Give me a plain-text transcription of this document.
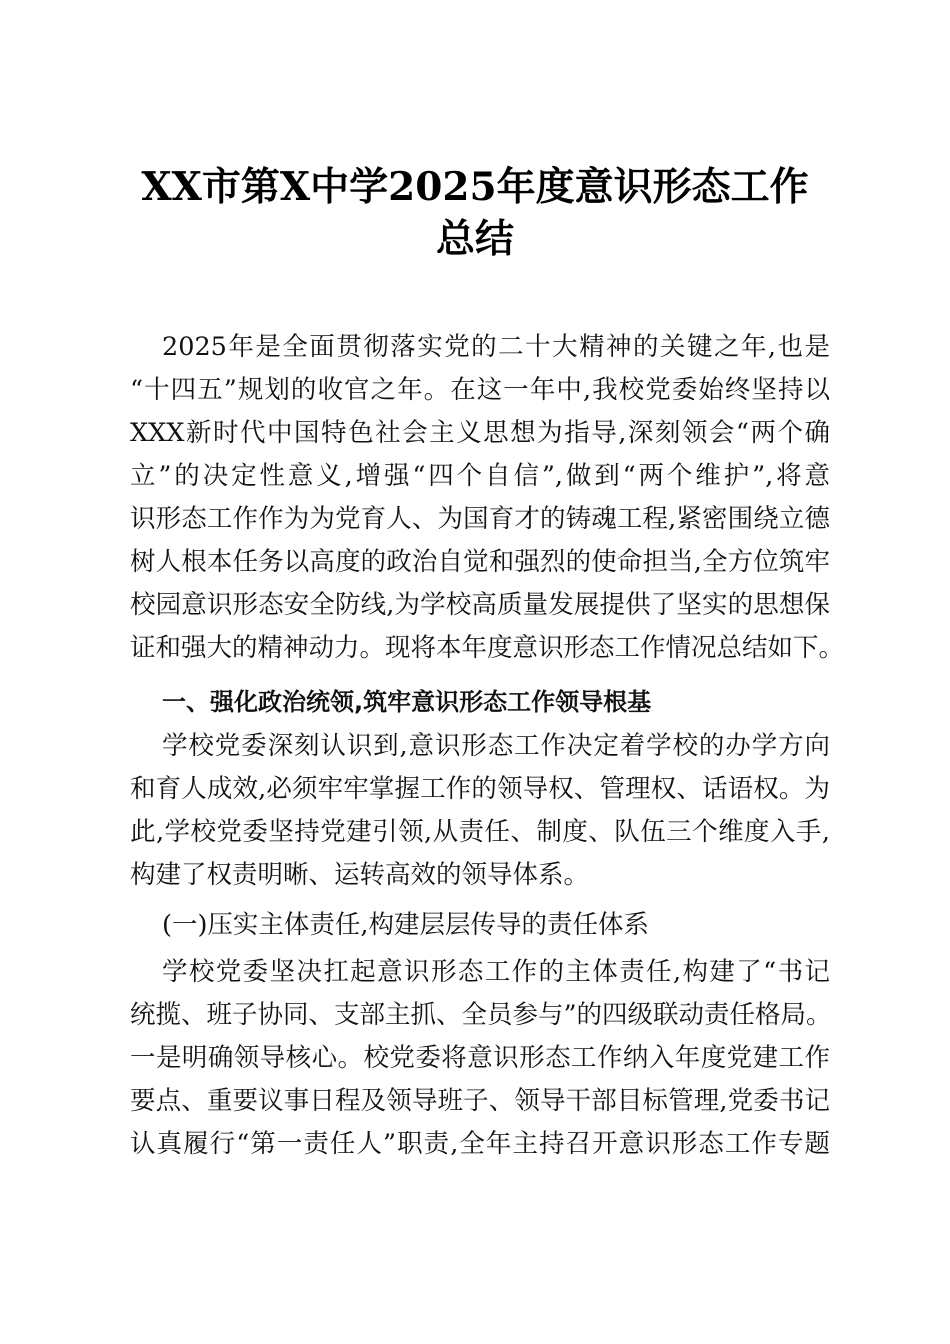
XX市第X中学2025年度意识形态工作
总结
2025年是全面贯彻落实党的二十大精神的关键之年,也是
“十四五”规划的收官之年。在这一年中,我校党委始终坚持以
XXX新时代中国特色社会主义思想为指导,深刻领会“两个确
立”的决定性意义,增强“四个自信”,做到“两个维护”,将意
识形态工作作为为党育人、为国育才的铸魂工程,紧密围绕立德
树人根本任务以高度的政治自觉和强烈的使命担当,全方位筑牢
校园意识形态安全防线,为学校高质量发展提供了坚实的思想保
证和强大的精神动力。现将本年度意识形态工作情况总结如下。
一、强化政治统领,筑牢意识形态工作领导根基
学校党委深刻认识到,意识形态工作决定着学校的办学方向
和育人成效,必须牢牢掌握工作的领导权、管理权、话语权。为
此,学校党委坚持党建引领,从责任、制度、队伍三个维度入手,
构建了权责明晰、运转高效的领导体系。
(一)压实主体责任,构建层层传导的责任体系
学校党委坚决扛起意识形态工作的主体责任,构建了“书记
统揽、班子协同、支部主抓、全员参与”的四级联动责任格局。
一是明确领导核心。校党委将意识形态工作纳入年度党建工作
要点、重要议事日程及领导班子、领导干部目标管理,党委书记
认真履行“第一责任人”职责,全年主持召开意识形态工作专题
